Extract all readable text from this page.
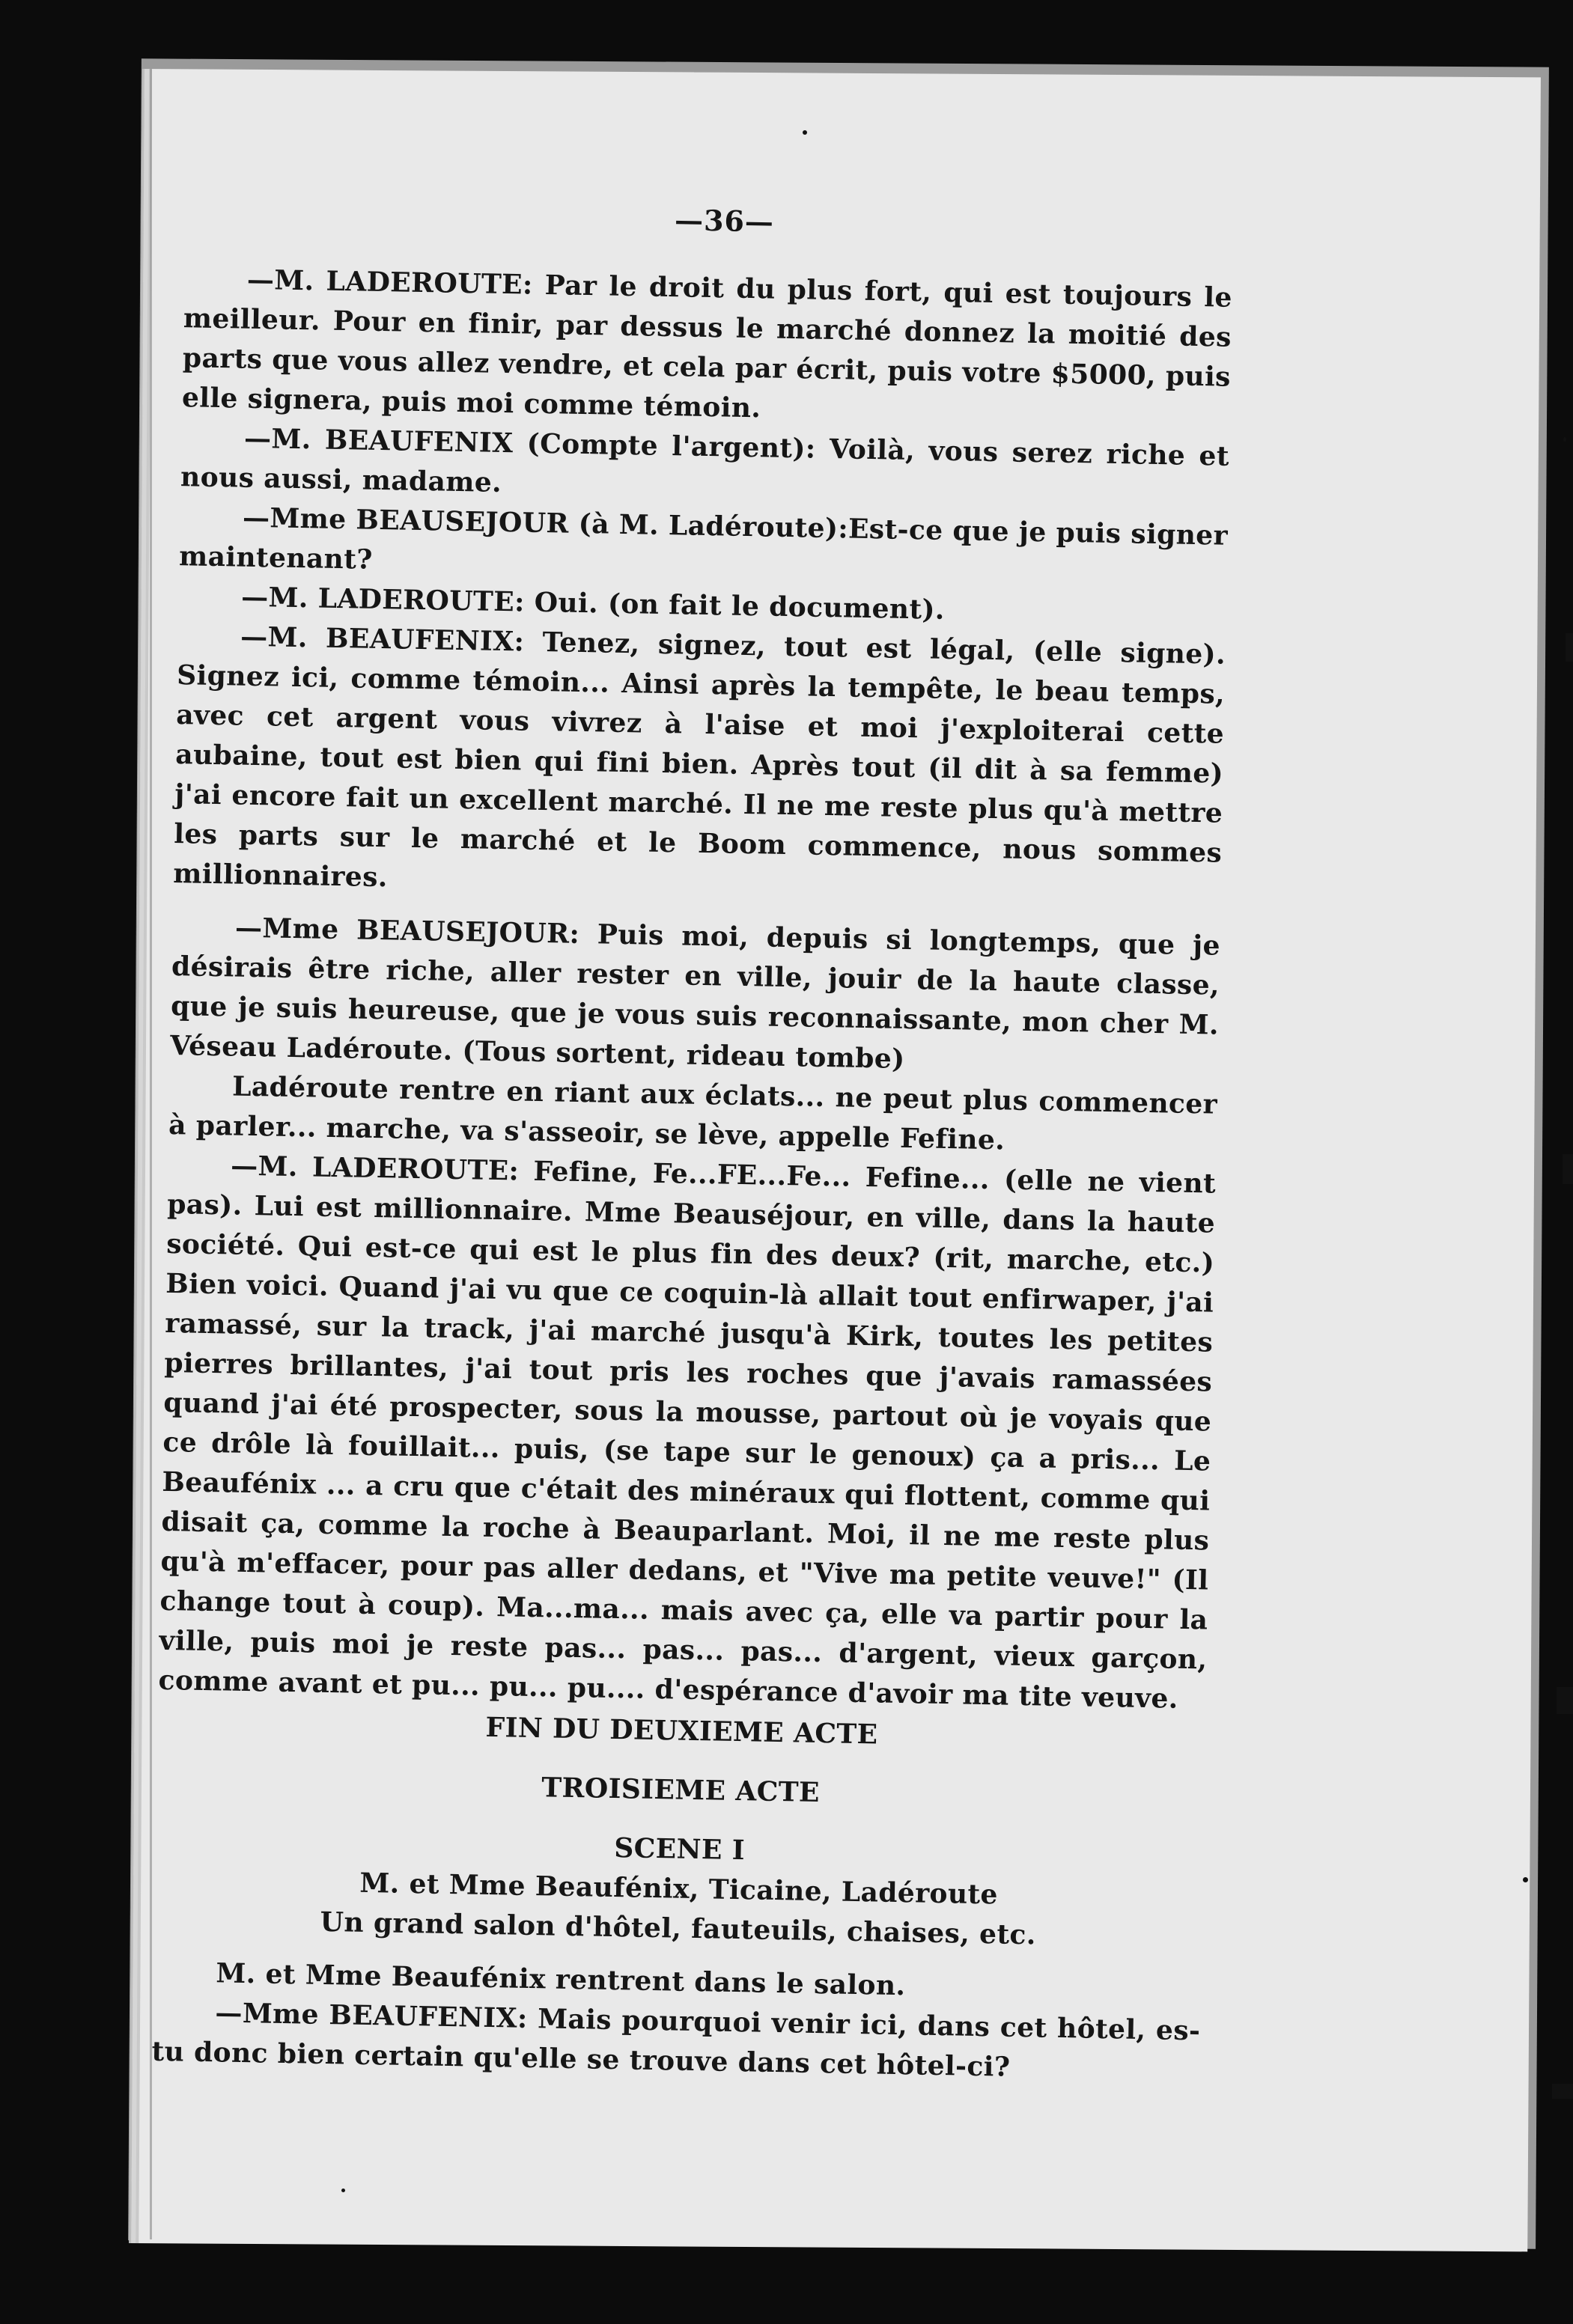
—36—

—M. LADEROUTE: Par le droit du plus fort, qui est toujours le meilleur. Pour en finir, par dessus le marché donnez la moitié des parts que vous allez vendre, et cela par écrit, puis votre $5000, puis elle signera, puis moi comme témoin.

—M. BEAUFENIX (Compte l'argent): Voilà, vous serez riche et nous aussi, madame.

—Mme BEAUSEJOUR (à M. Ladéroute):Est-ce que je puis signer maintenant?

—M. LADEROUTE: Oui. (on fait le document).

—M. BEAUFENIX: Tenez, signez, tout est légal, (elle signe). Signez ici, comme témoin... Ainsi après la tempête, le beau temps, avec cet argent vous vivrez à l'aise et moi j'exploiterai cette aubaine, tout est bien qui fini bien. Après tout (il dit à sa femme) j'ai encore fait un excellent marché. Il ne me reste plus qu'à mettre les parts sur le marché et le Boom commence, nous sommes millionnaires.

—Mme BEAUSEJOUR: Puis moi, depuis si longtemps, que je désirais être riche, aller rester en ville, jouir de la haute classe, que je suis heureuse, que je vous suis reconnaissante, mon cher M. Véseau Ladéroute. (Tous sortent, rideau tombe)

Ladéroute rentre en riant aux éclats... ne peut plus commencer à parler... marche, va s'asseoir, se lève, appelle Fefine.

—M. LADEROUTE: Fefine, Fe...FE...Fe... Fefine... (elle ne vient pas). Lui est millionnaire. Mme Beauséjour, en ville, dans la haute société. Qui est-ce qui est le plus fin des deux? (rit, marche, etc.) Bien voici. Quand j'ai vu que ce coquin-là allait tout enfirwaper, j'ai ramassé, sur la track, j'ai marché jusqu'à Kirk, toutes les petites pierres brillantes, j'ai tout pris les roches que j'avais ramassées quand j'ai été prospecter, sous la mousse, partout où je voyais que ce drôle là fouillait... puis, (se tape sur le genoux) ça a pris... Le Beaufénix ... a cru que c'était des minéraux qui flottent, comme qui disait ça, comme la roche à Beauparlant. Moi, il ne me reste plus qu'à m'effacer, pour pas aller dedans, et "Vive ma petite veuve!" (Il change tout à coup). Ma...ma... mais avec ça, elle va partir pour la ville, puis moi je reste pas... pas... pas... d'argent, vieux garçon, comme avant et pu... pu... pu.... d'espérance d'avoir ma tite veuve.

FIN DU DEUXIEME ACTE

TROISIEME ACTE

SCENE I

M. et Mme Beaufénix, Ticaine, Ladéroute

Un grand salon d'hôtel, fauteuils, chaises, etc.

M. et Mme Beaufénix rentrent dans le salon.

—Mme BEAUFENIX: Mais pourquoi venir ici, dans cet hôtel, es-tu donc bien certain qu'elle se trouve dans cet hôtel-ci?
